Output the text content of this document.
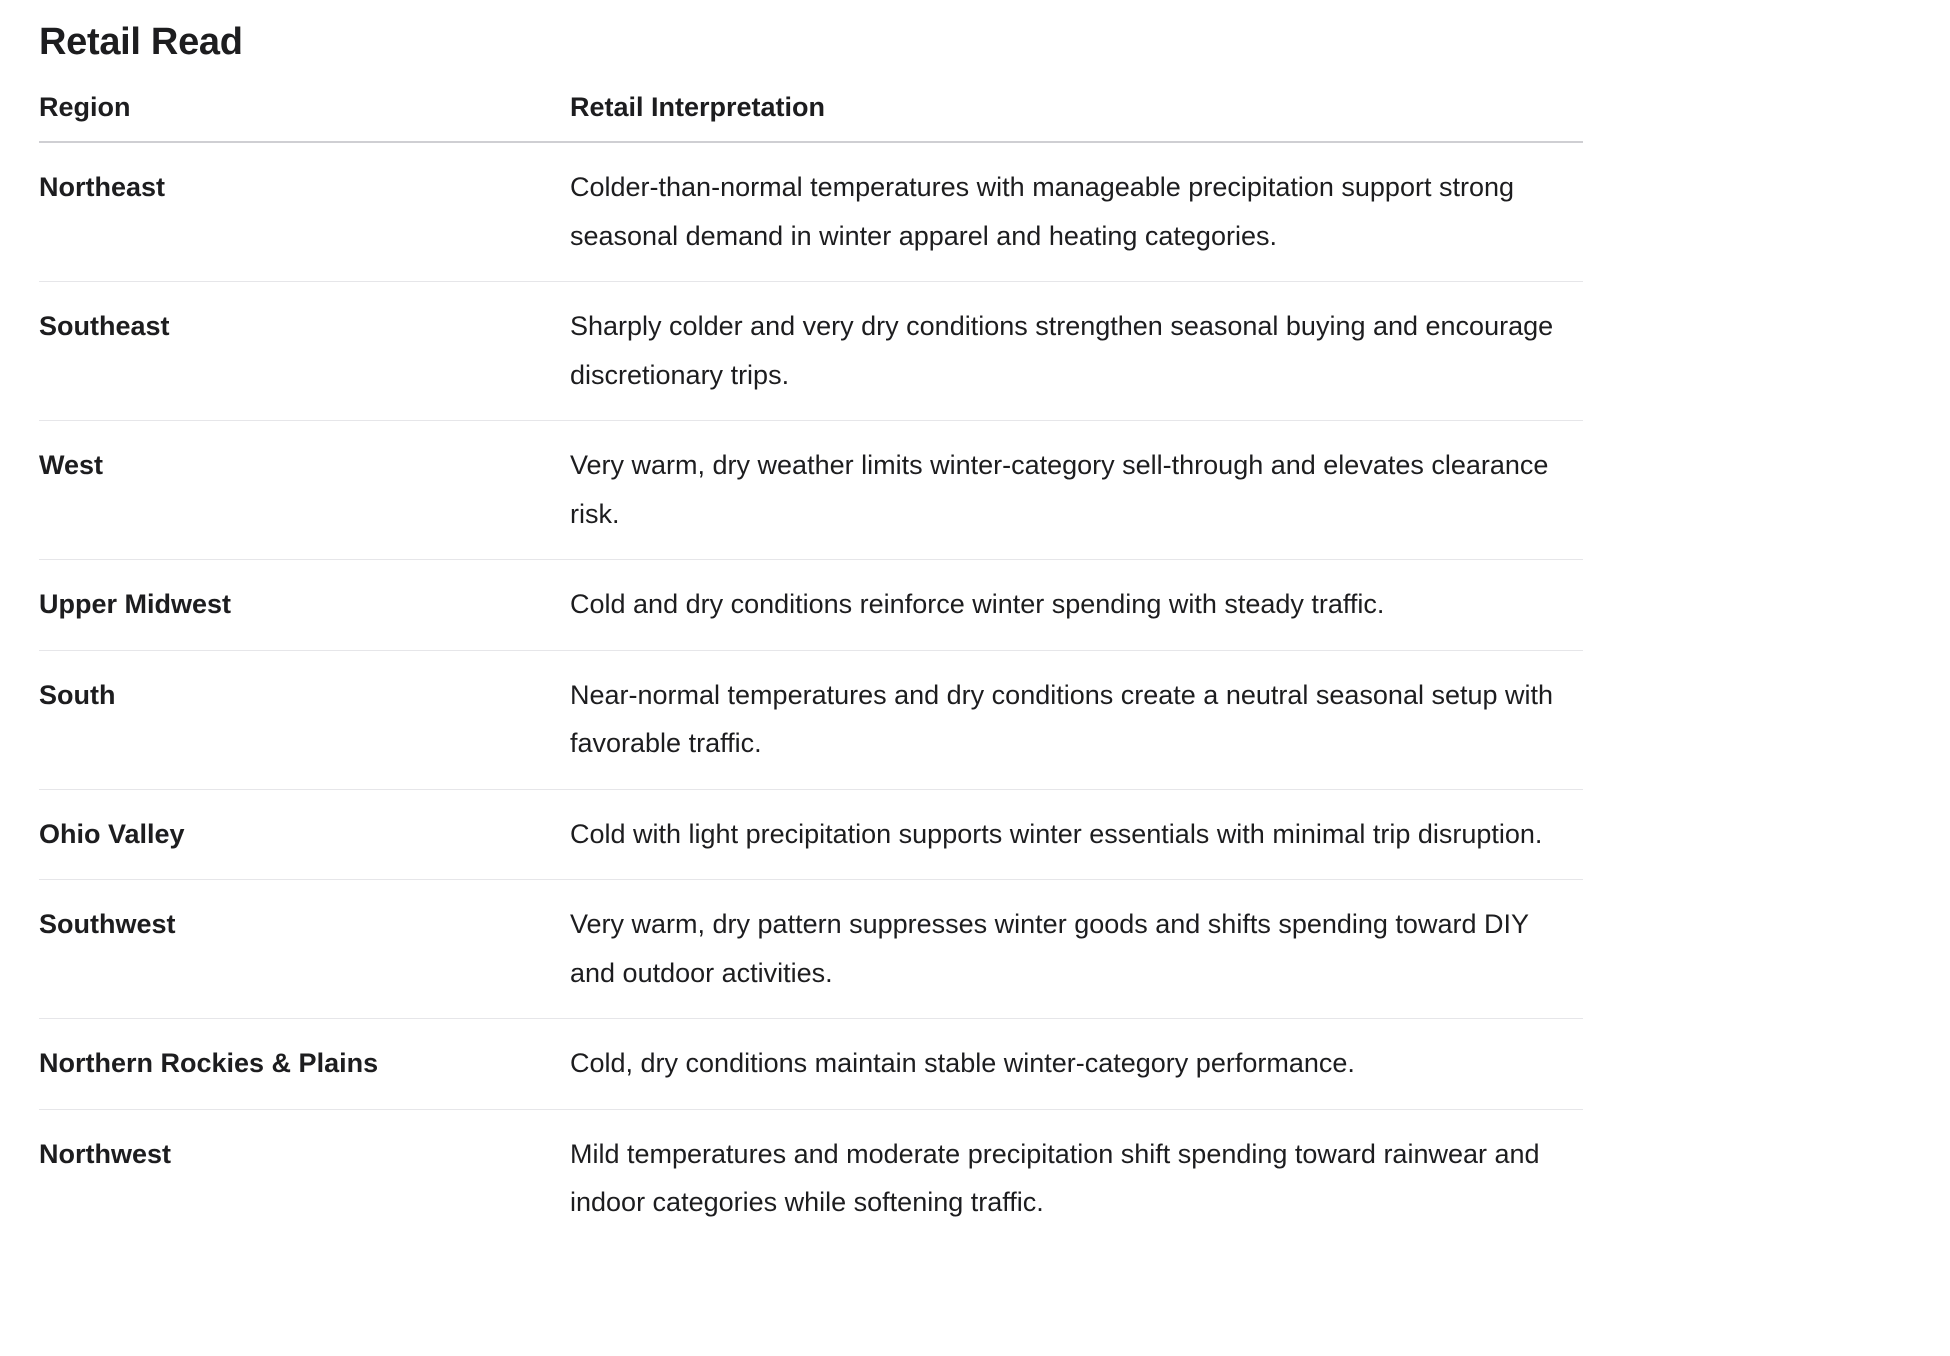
Retail Read
Region	Retail Interpretation
Northeast	Colder-than-normal temperatures with manageable precipitation support strong seasonal demand in winter apparel and heating categories.
Southeast	Sharply colder and very dry conditions strengthen seasonal buying and encourage discretionary trips.
West	Very warm, dry weather limits winter-category sell-through and elevates clearance risk.
Upper Midwest	Cold and dry conditions reinforce winter spending with steady traffic.
South	Near-normal temperatures and dry conditions create a neutral seasonal setup with favorable traffic.
Ohio Valley	Cold with light precipitation supports winter essentials with minimal trip disruption.
Southwest	Very warm, dry pattern suppresses winter goods and shifts spending toward DIY and outdoor activities.
Northern Rockies & Plains	Cold, dry conditions maintain stable winter-category performance.
Northwest	Mild temperatures and moderate precipitation shift spending toward rainwear and indoor categories while softening traffic.
